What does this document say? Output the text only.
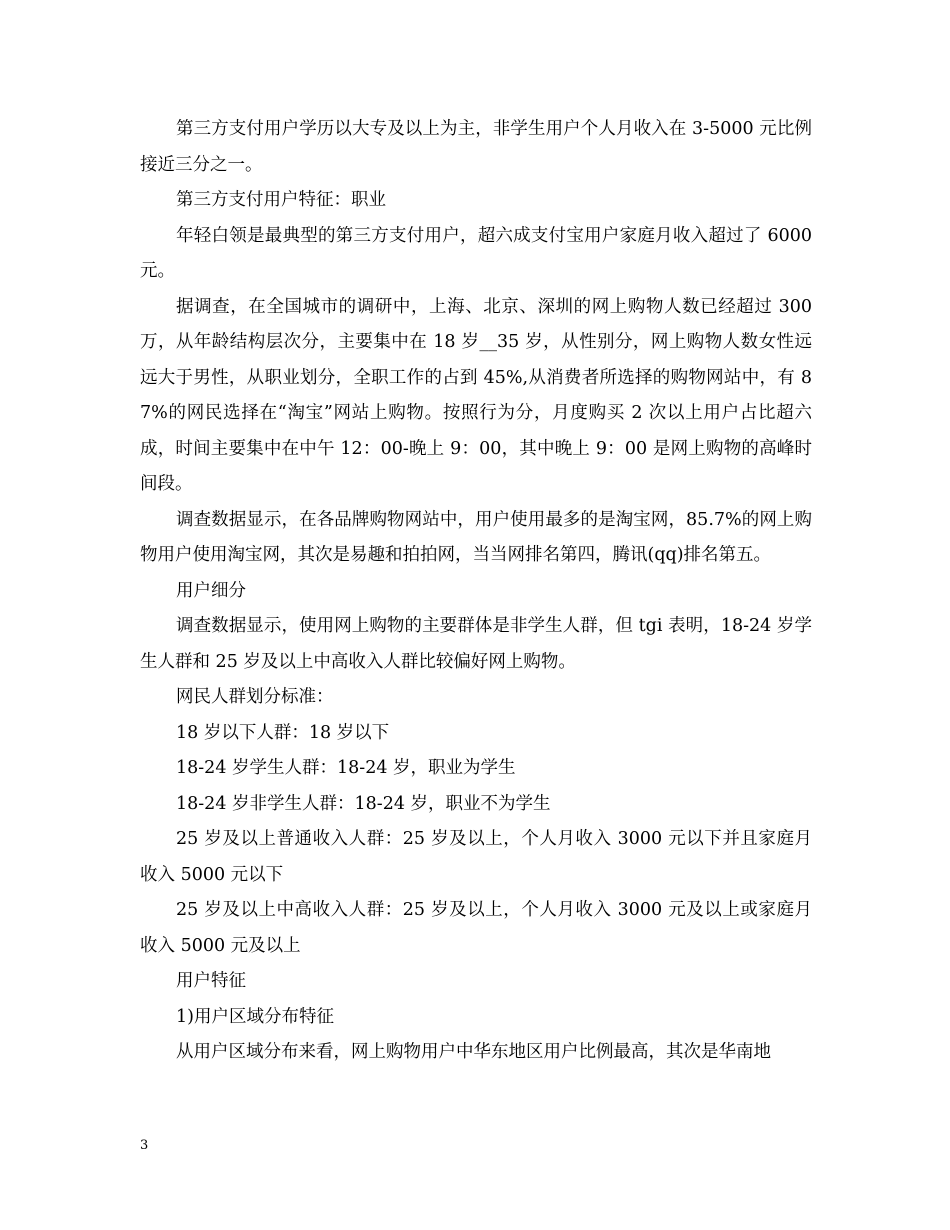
第三方支付用户学历以大专及以上为主，非学生用户个人月收入在 3-5000 元比例接近三分之一。

第三方支付用户特征：职业

年轻白领是最典型的第三方支付用户，超六成支付宝用户家庭月收入超过了 6000 元。

据调查，在全国城市的调研中，上海、北京、深圳的网上购物人数已经超过 300 万，从年龄结构层次分，主要集中在 18 岁__35 岁，从性别分，网上购物人数女性远远大于男性，从职业划分，全职工作的占到 45%,从消费者所选择的购物网站中，有 87%的网民选择在“淘宝”网站上购物。按照行为分，月度购买 2 次以上用户占比超六成，时间主要集中在中午 12：00-晚上 9：00，其中晚上 9：00 是网上购物的高峰时间段。

调查数据显示，在各品牌购物网站中，用户使用最多的是淘宝网，85.7%的网上购物用户使用淘宝网，其次是易趣和拍拍网，当当网排名第四，腾讯(qq)排名第五。

用户细分

调查数据显示，使用网上购物的主要群体是非学生人群，但 tgi 表明，18-24 岁学生人群和 25 岁及以上中高收入人群比较偏好网上购物。

网民人群划分标准：

18 岁以下人群：18 岁以下

18-24 岁学生人群：18-24 岁，职业为学生

18-24 岁非学生人群：18-24 岁，职业不为学生

25 岁及以上普通收入人群：25 岁及以上，个人月收入 3000 元以下并且家庭月收入 5000 元以下

25 岁及以上中高收入人群：25 岁及以上，个人月收入 3000 元及以上或家庭月收入 5000 元及以上

用户特征

1)用户区域分布特征

从用户区域分布来看，网上购物用户中华东地区用户比例最高，其次是华南地

3
